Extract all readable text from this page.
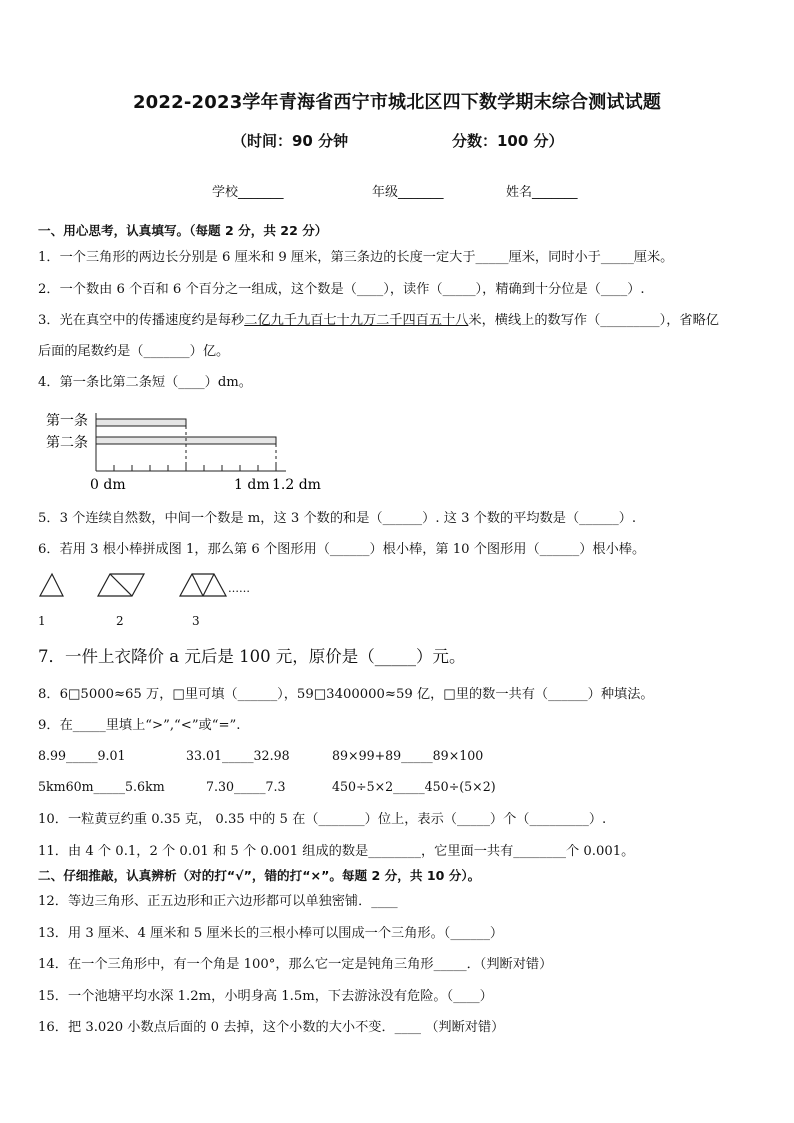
2022-2023学年青海省西宁市城北区四下数学期末综合测试试题
（时间：90 分钟	分数：100 分）
学校_______	年级_______	姓名_______
一、用心思考，认真填写。（每题 2 分，共 22 分）
1．一个三角形的两边长分别是 6 厘米和 9 厘米，第三条边的长度一定大于_____厘米，同时小于_____厘米。
2．一个数由 6 个百和 6 个百分之一组成，这个数是（____），读作（_____），精确到十分位是（____）.
3．光在真空中的传播速度约是每秒二亿九千九百七十九万二千四百五十八米，横线上的数写作（_________），省略亿
后面的尾数约是（_______）亿。
4．第一条比第二条短（____）dm。
第一条
第二条
0 dm	1 dm 1.2 dm
5．3 个连续自然数，中间一个数是 m，这 3 个数的和是（______）. 这 3 个数的平均数是（______）.
6．若用 3 根小棒拼成图 1，那么第 6 个图形用（______）根小棒，第 10 个图形用（______）根小棒。
……
1	2	3
7．一件上衣降价 a 元后是 100 元，原价是（_____）元。
8．6□5000≈65 万，□里可填（______），59□3400000≈59 亿，□里的数一共有（______）种填法。
9．在_____里填上“>”,“<”或“=”.
8.99_____9.01	33.01_____32.98	89×99+89_____89×100
5km60m_____5.6km	7.30_____7.3	450÷5×2_____450÷(5×2)
10．一粒黄豆约重 0.35 克， 0.35 中的 5 在（_______）位上，表示（_____）个（_________）.
11．由 4 个 0.1，2 个 0.01 和 5 个 0.001 组成的数是________，它里面一共有________个 0.001。
二、仔细推敲，认真辨析（对的打“√”，错的打“×”。每题 2 分，共 10 分）。
12．等边三角形、正五边形和正六边形都可以单独密铺．____
13．用 3 厘米、4 厘米和 5 厘米长的三根小棒可以围成一个三角形。（______）
14．在一个三角形中，有一个角是 100°，那么它一定是钝角三角形_____．（判断对错）
15．一个池塘平均水深 1.2m，小明身高 1.5m，下去游泳没有危险。（____）
16．把 3.020 小数点后面的 0 去掉，这个小数的大小不变．____ （判断对错）
